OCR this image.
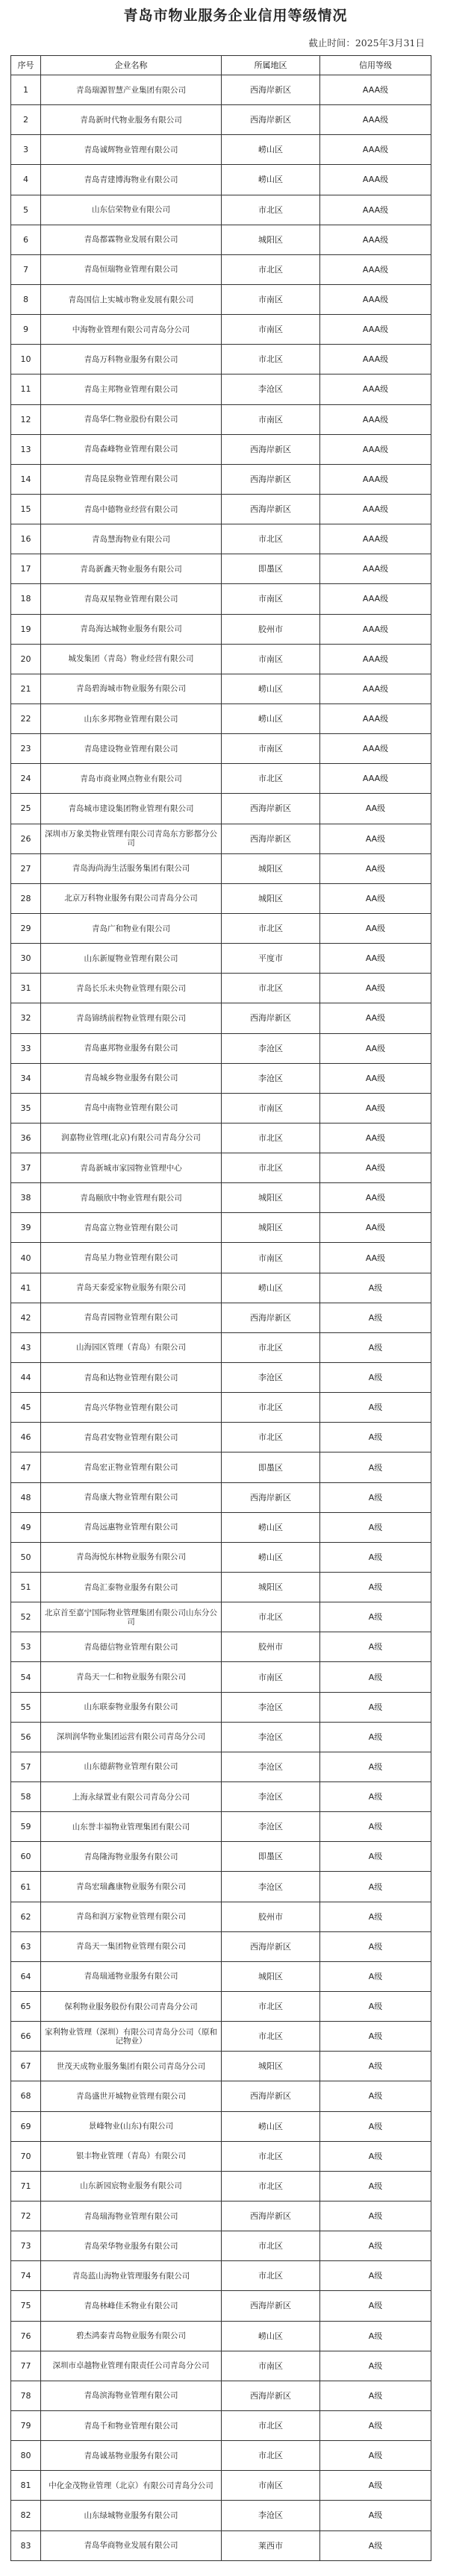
青岛市物业服务企业信用等级情况
截止时间：2025年3月31日
序号	企业名称	所属地区	信用等级
1	青岛瑞源智慧产业集团有限公司	西海岸新区	AAA级
2	青岛新时代物业服务有限公司	西海岸新区	AAA级
3	青岛诚辉物业管理有限公司	崂山区	AAA级
4	青岛青建博海物业有限公司	崂山区	AAA级
5	山东信荣物业有限公司	市北区	AAA级
6	青岛都霖物业发展有限公司	城阳区	AAA级
7	青岛恒瑞物业管理有限公司	市北区	AAA级
8	青岛国信上实城市物业发展有限公司	市南区	AAA级
9	中海物业管理有限公司青岛分公司	市南区	AAA级
10	青岛万科物业服务有限公司	市北区	AAA级
11	青岛主邦物业管理有限公司	李沧区	AAA级
12	青岛华仁物业股份有限公司	市南区	AAA级
13	青岛森峰物业管理有限公司	西海岸新区	AAA级
14	青岛昆泉物业管理有限公司	西海岸新区	AAA级
15	青岛中德物业经营有限公司	西海岸新区	AAA级
16	青岛慧海物业有限公司	市北区	AAA级
17	青岛新鑫天物业服务有限公司	即墨区	AAA级
18	青岛双星物业管理有限公司	市南区	AAA级
19	青岛海达城物业服务有限公司	胶州市	AAA级
20	城发集团（青岛）物业经营有限公司	市南区	AAA级
21	青岛碧海城市物业服务有限公司	崂山区	AAA级
22	山东多邦物业管理有限公司	崂山区	AAA级
23	青岛建设物业管理有限公司	市南区	AAA级
24	青岛市商业网点物业有限公司	市北区	AAA级
25	青岛城市建设集团物业管理有限公司	西海岸新区	AA级
26	深圳市万象美物业管理有限公司青岛东方影都分公司	西海岸新区	AA级
27	青岛海尚海生活服务集团有限公司	城阳区	AA级
28	北京万科物业服务有限公司青岛分公司	城阳区	AA级
29	青岛广和物业有限公司	市北区	AA级
30	山东新厦物业管理有限公司	平度市	AA级
31	青岛长乐未央物业管理有限公司	市北区	AA级
32	青岛锦绣前程物业管理有限公司	西海岸新区	AA级
33	青岛惠邦物业服务有限公司	李沧区	AA级
34	青岛城乡物业服务有限公司	李沧区	AA级
35	青岛中南物业管理有限公司	市南区	AA级
36	润嘉物业管理(北京)有限公司青岛分公司	市北区	AA级
37	青岛新城市家园物业管理中心	市北区	AA级
38	青岛颐欣中物业管理有限公司	城阳区	AA级
39	青岛富立物业管理有限公司	城阳区	AA级
40	青岛星力物业管理有限公司	市南区	AA级
41	青岛天泰爱家物业服务有限公司	崂山区	A级
42	青岛青园物业管理有限公司	西海岸新区	A级
43	山海园区管理（青岛）有限公司	市北区	A级
44	青岛和达物业管理有限公司	李沧区	A级
45	青岛兴华物业管理有限公司	市北区	A级
46	青岛君安物业管理有限公司	市北区	A级
47	青岛宏正物业管理有限公司	即墨区	A级
48	青岛康大物业管理有限公司	西海岸新区	A级
49	青岛远惠物业管理有限公司	崂山区	A级
50	青岛海悦东林物业服务有限公司	崂山区	A级
51	青岛汇泰物业服务有限公司	城阳区	A级
52	北京首至嘉宁国际物业管理集团有限公司山东分公司	市北区	A级
53	青岛德信物业管理有限公司	胶州市	A级
54	青岛天一仁和物业服务有限公司	市南区	A级
55	山东联泰物业服务有限公司	李沧区	A级
56	深圳润华物业集团运营有限公司青岛分公司	李沧区	A级
57	山东德薪物业管理有限公司	李沧区	A级
58	上海永绿置业有限公司青岛分公司	李沧区	A级
59	山东誉丰福物业管理集团有限公司	李沧区	A级
60	青岛隆海物业服务有限公司	即墨区	A级
61	青岛宏瑞鑫康物业服务有限公司	李沧区	A级
62	青岛和润万家物业管理有限公司	胶州市	A级
63	青岛天一集团物业管理有限公司	西海岸新区	A级
64	青岛瑞通物业服务有限公司	城阳区	A级
65	保利物业服务股份有限公司青岛分公司	市北区	A级
66	家利物业管理（深圳）有限公司青岛分公司（原和记物业）	市北区	A级
67	世茂天成物业服务集团有限公司青岛分公司	城阳区	A级
68	青岛盛世开城物业管理有限公司	西海岸新区	A级
69	景峰物业(山东)有限公司	崂山区	A级
70	银丰物业管理（青岛）有限公司	市北区	A级
71	山东新园宸物业服务有限公司	市北区	A级
72	青岛瑞海物业管理有限公司	西海岸新区	A级
73	青岛荣华物业服务有限公司	市北区	A级
74	青岛蓝山海物业管理服务有限公司	市北区	A级
75	青岛林峰佳禾物业有限公司	西海岸新区	A级
76	碧杰鸿泰青岛物业服务有限公司	崂山区	A级
77	深圳市卓越物业管理有限责任公司青岛分公司	市南区	A级
78	青岛滨海物业管理有限公司	西海岸新区	A级
79	青岛千和物业管理有限公司	市北区	A级
80	青岛诚基物业服务有限公司	市北区	A级
81	中化金茂物业管理（北京）有限公司青岛分公司	市南区	A级
82	山东绿城物业服务有限公司	李沧区	A级
83	青岛华商物业发展有限公司	莱西市	A级
